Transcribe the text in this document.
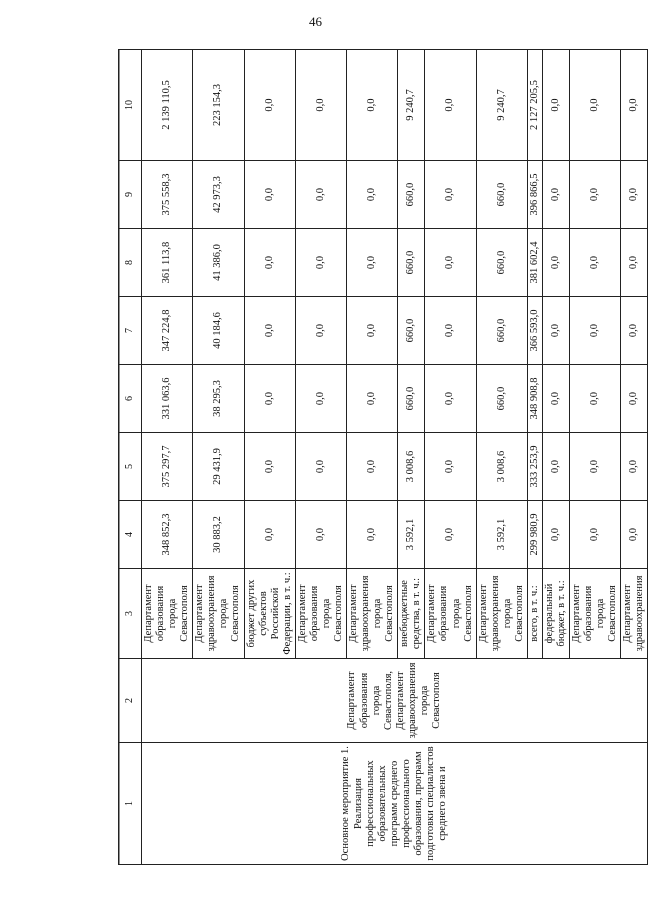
46
1	2	3	4	5	6	7	8	9	10
Основное мероприятие 1. Реализация профессиональных образовательных программ среднего профессионального образования, программ подготовки специалистов среднего звена и	Департамент образования города Севастополя, Департамент здравоохранения города Севастополя	Департамент образования города Севастополя	348 852,3	375 297,7	331 063,6	347 224,8	361 113,8	375 558,3	2 139 110,5
		Департамент здравоохранения города Севастополя	30 883,2	29 431,9	38 295,3	40 184,6	41 386,0	42 973,3	223 154,3
		бюджет других субъектов Российской Федерации, в т. ч.:	0,0	0,0	0,0	0,0	0,0	0,0	0,0
		Департамент образования города Севастополя	0,0	0,0	0,0	0,0	0,0	0,0	0,0
		Департамент здравоохранения города Севастополя	0,0	0,0	0,0	0,0	0,0	0,0	0,0
		внебюджетные средства, в т. ч.:	3 592,1	3 008,6	660,0	660,0	660,0	660,0	9 240,7
		Департамент образования города Севастополя	0,0	0,0	0,0	0,0	0,0	0,0	0,0
		Департамент здравоохранения города Севастополя	3 592,1	3 008,6	660,0	660,0	660,0	660,0	9 240,7
		всего, в т. ч.:	299 980,9	333 253,9	348 908,8	366 593,0	381 602,4	396 866,5	2 127 205,5
		федеральный бюджет, в т. ч.:	0,0	0,0	0,0	0,0	0,0	0,0	0,0
		Департамент образования города Севастополя	0,0	0,0	0,0	0,0	0,0	0,0	0,0
		Департамент здравоохранения	0,0	0,0	0,0	0,0	0,0	0,0	0,0
